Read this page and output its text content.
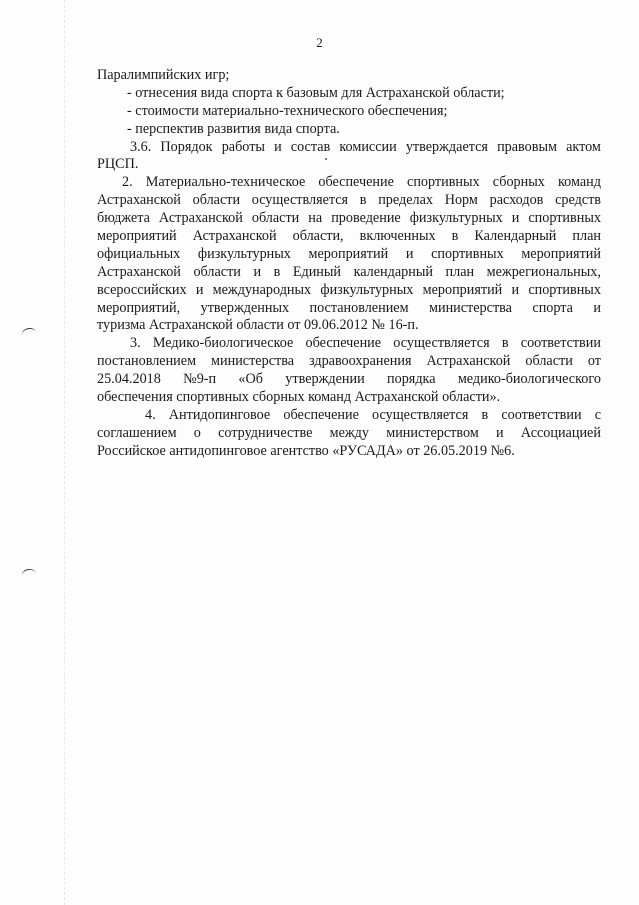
2
Паралимпийских игр;
- отнесения вида спорта к базовым для Астраханской области;
- стоимости материально-технического обеспечения;
- перспектив развития вида спорта.
3.6. Порядок работы и состав комиссии утверждается правовым актом
РЦСП.
2. Материально-техническое обеспечение спортивных сборных команд
Астраханской области осуществляется в пределах Норм расходов средств
бюджета Астраханской области на проведение физкультурных и спортивных
мероприятий Астраханской области, включенных в Календарный план
официальных физкультурных мероприятий и спортивных мероприятий
Астраханской области и в Единый календарный план межрегиональных,
всероссийских и международных физкультурных мероприятий и спортивных
мероприятий, утвержденных постановлением министерства спорта и
туризма Астраханской области от 09.06.2012 № 16-п.
3. Медико-биологическое обеспечение осуществляется в соответствии
постановлением министерства здравоохранения Астраханской области от
25.04.2018 №9-п «Об утверждении порядка медико-биологического
обеспечения спортивных сборных команд Астраханской области».
4. Антидопинговое обеспечение осуществляется в соответствии с
соглашением о сотрудничестве между министерством и Ассоциацией
Российское антидопинговое агентство «РУСАДА» от 26.05.2019 №6.
